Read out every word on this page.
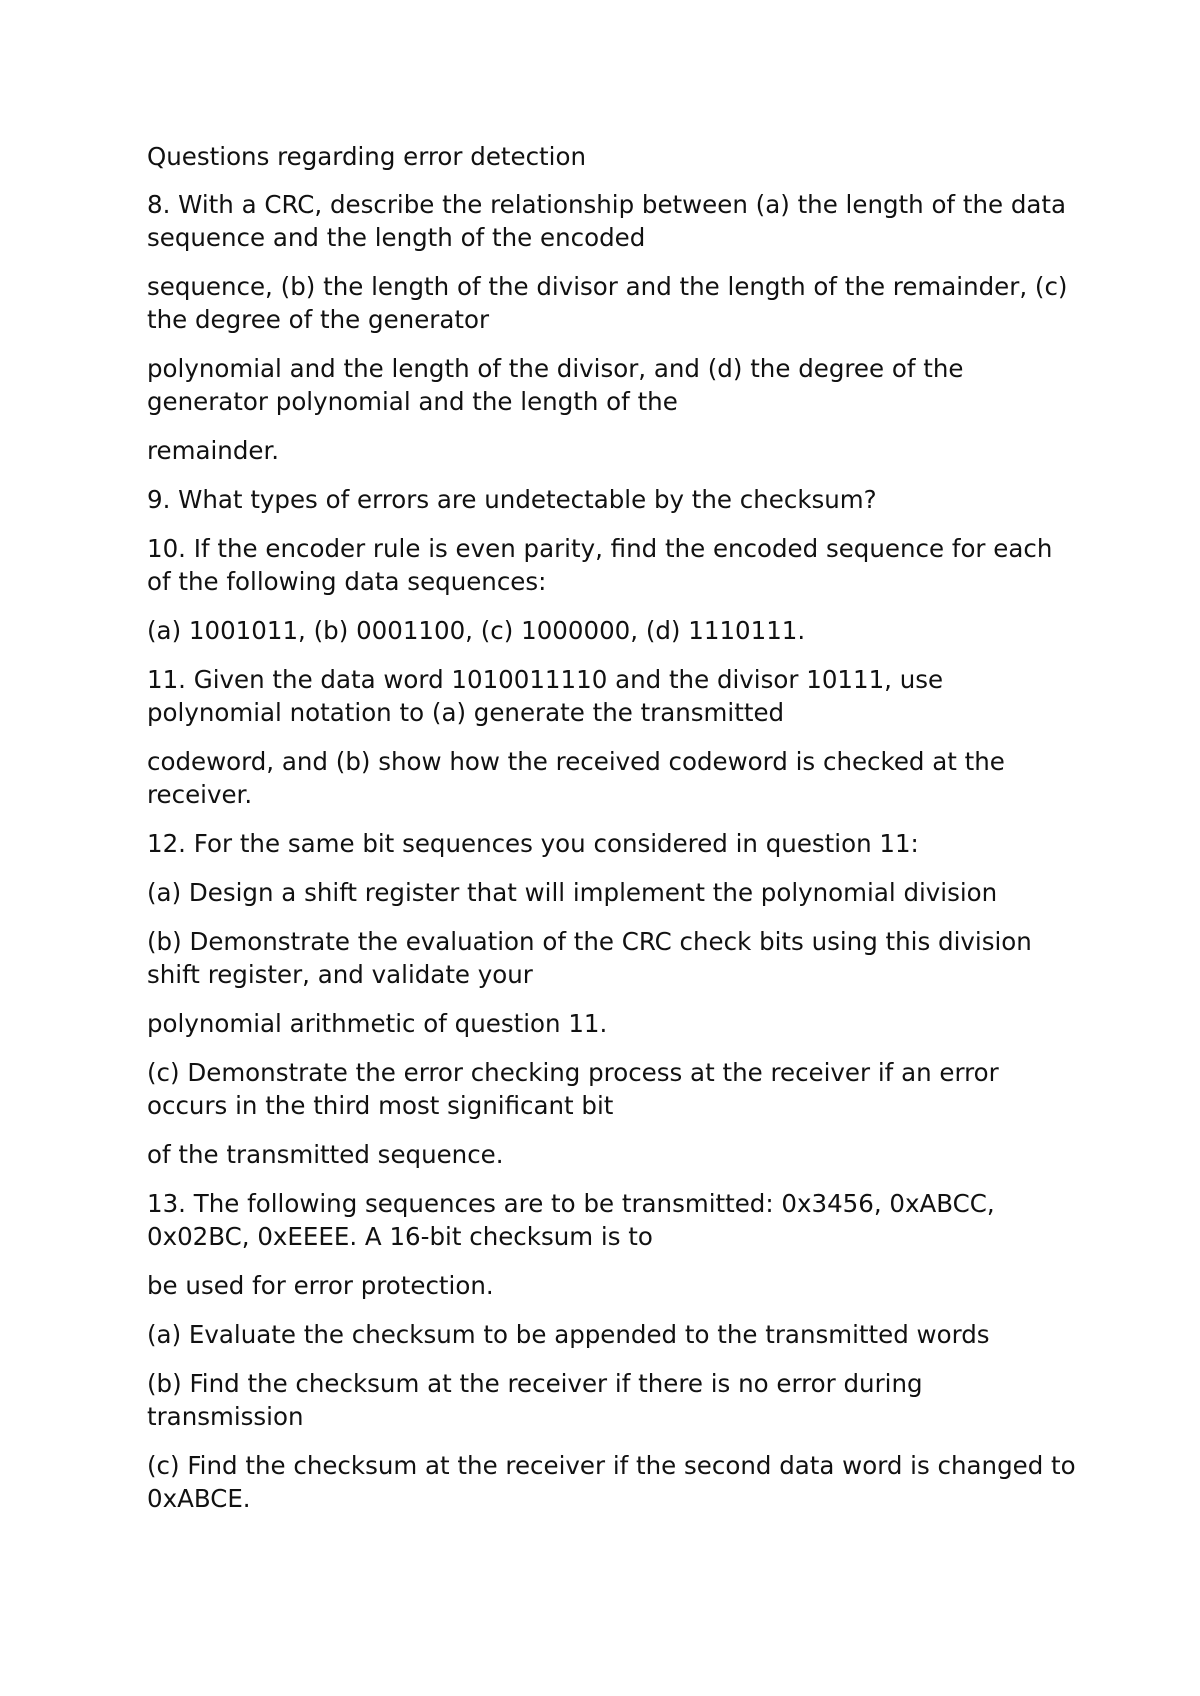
Questions regarding error detection

8. With a CRC, describe the relationship between (a) the length of the data sequence and the length of the encoded

sequence, (b) the length of the divisor and the length of the remainder, (c) the degree of the generator

polynomial and the length of the divisor, and (d) the degree of the generator polynomial and the length of the

remainder.

9. What types of errors are undetectable by the checksum?

10. If the encoder rule is even parity, find the encoded sequence for each of the following data sequences:

(a) 1001011, (b) 0001100, (c) 1000000, (d) 1110111.

11. Given the data word 1010011110 and the divisor 10111, use polynomial notation to (a) generate the transmitted

codeword, and (b) show how the received codeword is checked at the receiver.

12. For the same bit sequences you considered in question 11:

(a) Design a shift register that will implement the polynomial division

(b) Demonstrate the evaluation of the CRC check bits using this division shift register, and validate your

polynomial arithmetic of question 11.

(c) Demonstrate the error checking process at the receiver if an error occurs in the third most significant bit

of the transmitted sequence.

13. The following sequences are to be transmitted: 0x3456, 0xABCC, 0x02BC, 0xEEEE. A 16-bit checksum is to

be used for error protection.

(a) Evaluate the checksum to be appended to the transmitted words

(b) Find the checksum at the receiver if there is no error during transmission

(c) Find the checksum at the receiver if the second data word is changed to 0xABCE.
